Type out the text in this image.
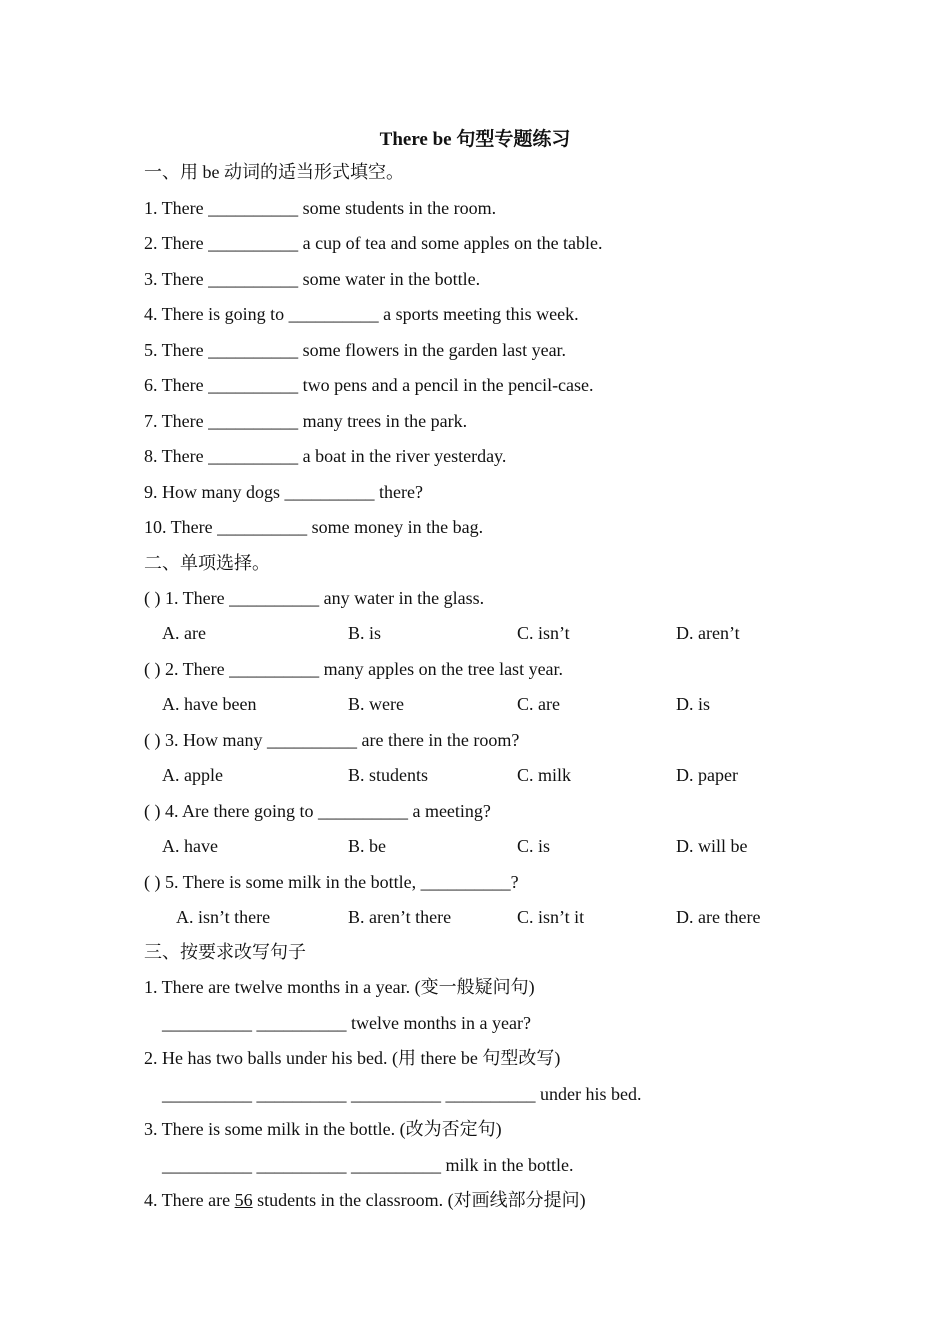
There be 句型专题练习
一、用 be 动词的适当形式填空。
1. There __________ some students in the room.
2. There __________ a cup of tea and some apples on the table.
3. There __________ some water in the bottle.
4. There is going to __________ a sports meeting this week.
5. There __________ some flowers in the garden last year.
6. There __________ two pens and a pencil in the pencil-case.
7. There __________ many trees in the park.
8. There __________ a boat in the river yesterday.
9. How many dogs __________ there?
10. There __________ some money in the bag.
二、单项选择。
( ) 1. There __________ any water in the glass.
A. are	B. is	C. isn’t	D. aren’t
( ) 2. There __________ many apples on the tree last year.
A. have been	B. were	C. are	D. is
( ) 3. How many __________ are there in the room?
A. apple	B. students	C. milk	D. paper
( ) 4. Are there going to __________ a meeting?
A. have	B. be	C. is	D. will be
( ) 5. There is some milk in the bottle, __________?
A. isn’t there	B. aren’t there	C. isn’t it	D. are there
三、按要求改写句子
1. There are twelve months in a year. (变一般疑问句)
__________ __________ twelve months in a year?
2. He has two balls under his bed. (用 there be 句型改写)
__________ __________ __________ __________ under his bed.
3. There is some milk in the bottle. (改为否定句)
__________ __________ __________ milk in the bottle.
4. There are 56 students in the classroom. (对画线部分提问)
